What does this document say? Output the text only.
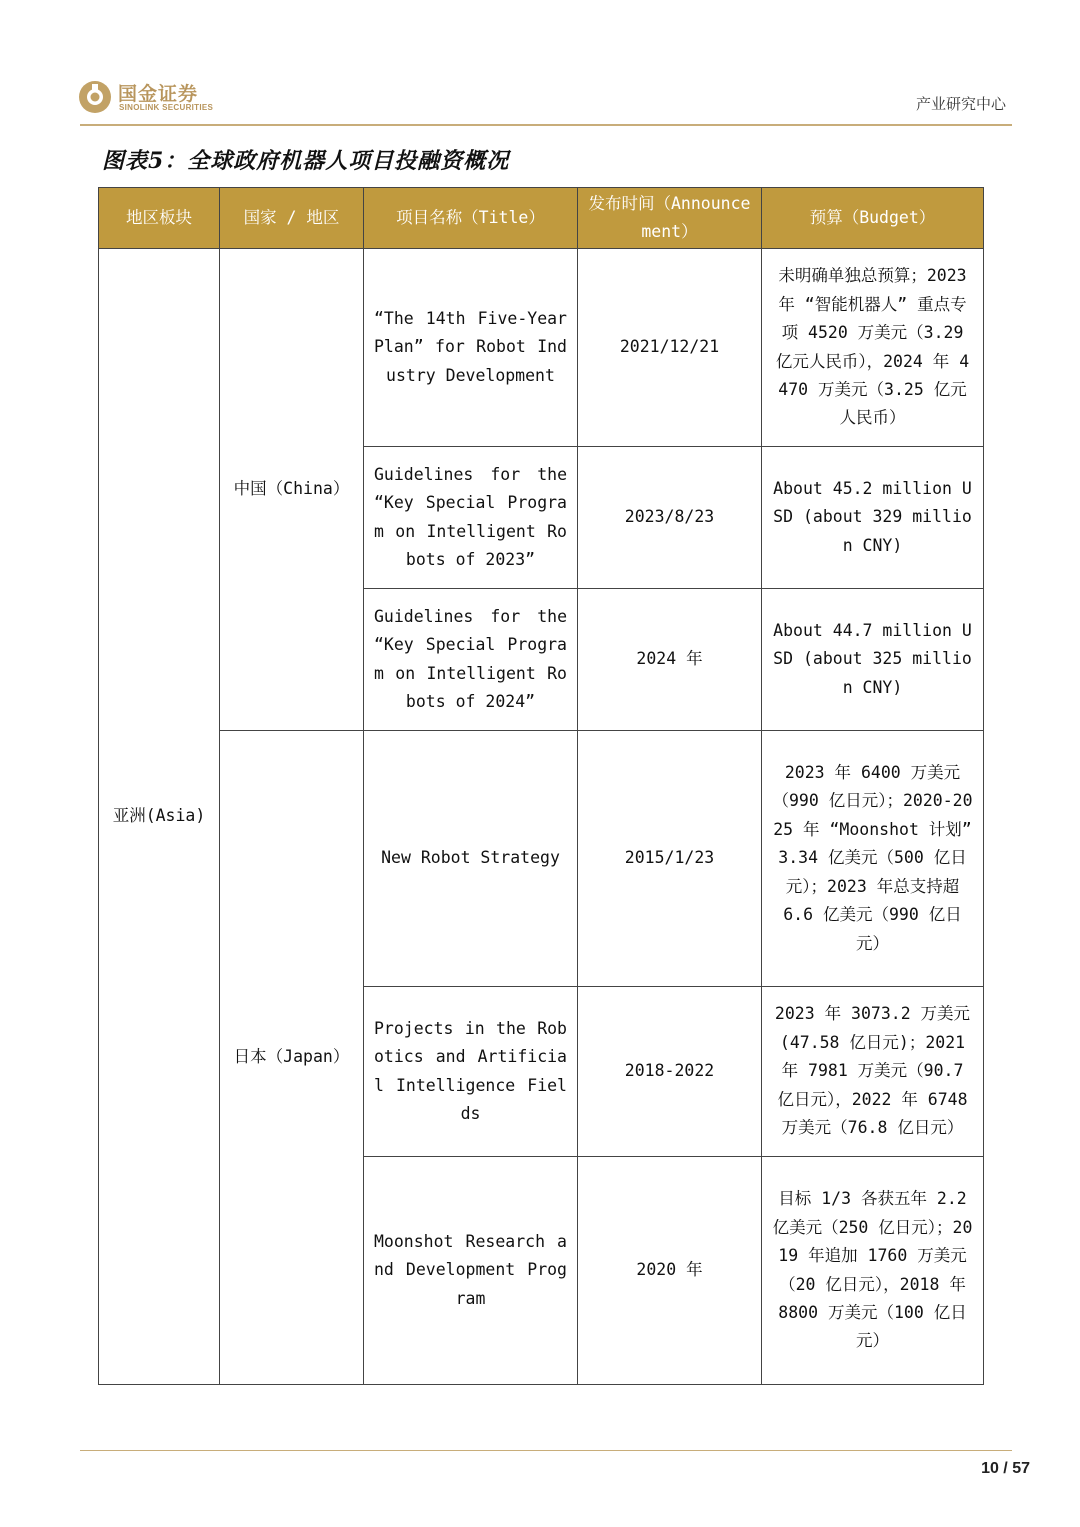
国金证券
SINOLINK SECURITIES	产业研究中心
图表5：全球政府机器人项目投融资概况
地区板块	国家 / 地区	项目名称（Title）	发布时间（Announcement）	预算（Budget）
亚洲(Asia)	中国（China）	“The 14th Five-Year Plan” for Robot Industry Development	2021/12/21	未明确单独总预算；2023 年 “智能机器人” 重点专项 4520 万美元（3.29 亿元人民币），2024 年 4470 万美元（3.25 亿元人民币）
		Guidelines for the “Key Special Program on Intelligent Robots of 2023”	2023/8/23	About 45.2 million USD (about 329 million CNY)
		Guidelines for the “Key Special Program on Intelligent Robots of 2024”	2024 年	About 44.7 million USD (about 325 million CNY)
	日本（Japan）	New Robot Strategy	2015/1/23	2023 年 6400 万美元（990 亿日元）；2020-2025 年 “Moonshot 计划” 3.34 亿美元（500 亿日元）；2023 年总支持超 6.6 亿美元（990 亿日元）
		Projects in the Robotics and Artificial Intelligence Fields	2018-2022	2023 年 3073.2 万美元(47.58 亿日元)；2021 年 7981 万美元（90.7 亿日元），2022 年 6748 万美元（76.8 亿日元）
		Moonshot Research and Development Program	2020 年	目标 1/3 各获五年 2.2 亿美元（250 亿日元）；2019 年追加 1760 万美元（20 亿日元），2018 年 8800 万美元（100 亿日元）
10 / 57
